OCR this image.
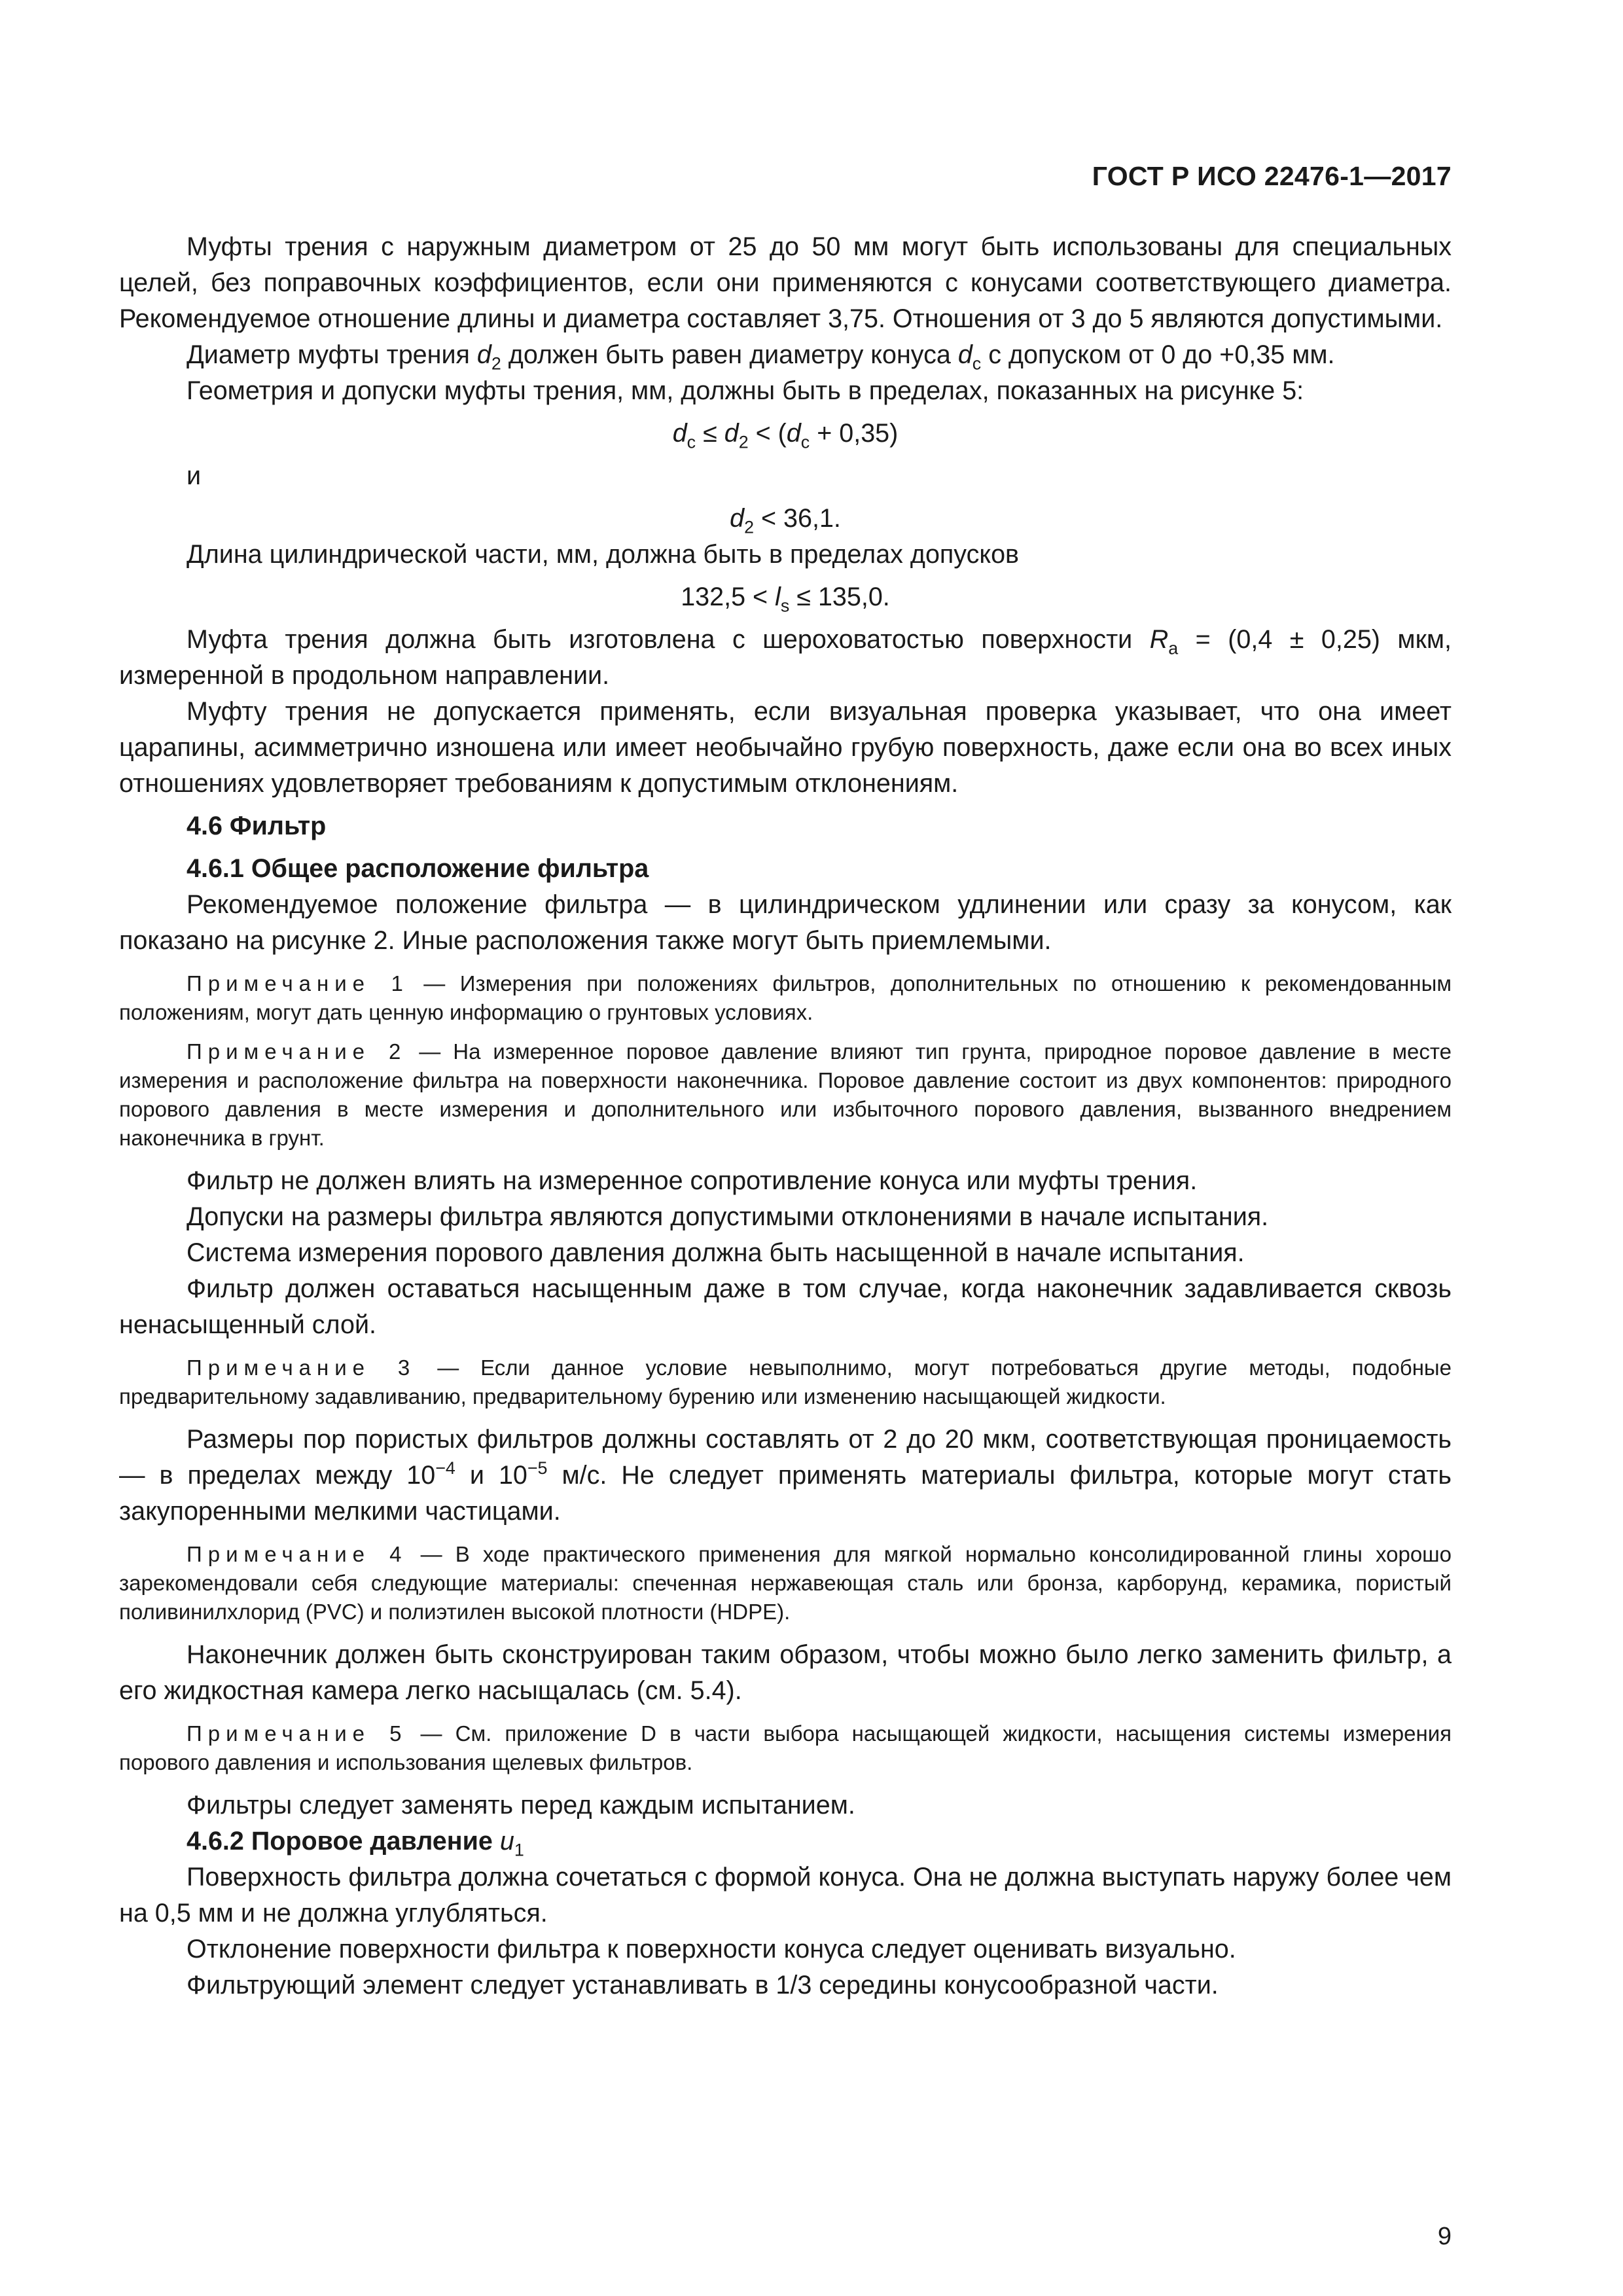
ГОСТ Р ИСО 22476-1—2017

Муфты трения с наружным диаметром от 25 до 50 мм могут быть использованы для специальных целей, без поправочных коэффициентов, если они применяются с конусами соответствующего диаметра. Рекомендуемое отношение длины и диаметра составляет 3,75. Отношения от 3 до 5 являются допустимыми.

Диаметр муфты трения $d_2$ должен быть равен диаметру конуса $d_c$ с допуском от 0 до +0,35 мм.

Геометрия и допуски муфты трения, мм, должны быть в пределах, показанных на рисунке 5:

$d_c \le d_2 < (d_c + 0,35)$

и

$d_2 < 36,1$.

Длина цилиндрической части, мм, должна быть в пределах допусков

$132,5 < l_s \le 135,0$.

Муфта трения должна быть изготовлена с шероховатостью поверхности $R_a = (0,4 \pm 0,25)$ мкм, измеренной в продольном направлении.

Муфту трения не допускается применять, если визуальная проверка указывает, что она имеет царапины, асимметрично изношена или имеет необычайно грубую поверхность, даже если она во всех иных отношениях удовлетворяет требованиям к допустимым отклонениям.

4.6 Фильтр

4.6.1 Общее расположение фильтра

Рекомендуемое положение фильтра — в цилиндрическом удлинении или сразу за конусом, как показано на рисунке 2. Иные расположения также могут быть приемлемыми.

Примечание 1 — Измерения при положениях фильтров, дополнительных по отношению к рекомендованным положениям, могут дать ценную информацию о грунтовых условиях.

Примечание 2 — На измеренное поровое давление влияют тип грунта, природное поровое давление в месте измерения и расположение фильтра на поверхности наконечника. Поровое давление состоит из двух компонентов: природного порового давления в месте измерения и дополнительного или избыточного порового давления, вызванного внедрением наконечника в грунт.

Фильтр не должен влиять на измеренное сопротивление конуса или муфты трения.

Допуски на размеры фильтра являются допустимыми отклонениями в начале испытания.

Система измерения порового давления должна быть насыщенной в начале испытания.

Фильтр должен оставаться насыщенным даже в том случае, когда наконечник задавливается сквозь ненасыщенный слой.

Примечание 3 — Если данное условие невыполнимо, могут потребоваться другие методы, подобные предварительному задавливанию, предварительному бурению или изменению насыщающей жидкости.

Размеры пор пористых фильтров должны составлять от 2 до 20 мкм, соответствующая проницаемость — в пределах между $10^{-4}$ и $10^{-5}$ м/с. Не следует применять материалы фильтра, которые могут стать закупоренными мелкими частицами.

Примечание 4 — В ходе практического применения для мягкой нормально консолидированной глины хорошо зарекомендовали себя следующие материалы: спеченная нержавеющая сталь или бронза, карборунд, керамика, пористый поливинилхлорид (PVC) и полиэтилен высокой плотности (HDPE).

Наконечник должен быть сконструирован таким образом, чтобы можно было легко заменить фильтр, а его жидкостная камера легко насыщалась (см. 5.4).

Примечание 5 — См. приложение D в части выбора насыщающей жидкости, насыщения системы измерения порового давления и использования щелевых фильтров.

Фильтры следует заменять перед каждым испытанием.

4.6.2 Поровое давление $u_1$

Поверхность фильтра должна сочетаться с формой конуса. Она не должна выступать наружу более чем на 0,5 мм и не должна углубляться.

Отклонение поверхности фильтра к поверхности конуса следует оценивать визуально.

Фильтрующий элемент следует устанавливать в 1/3 середины конусообразной части.

9
